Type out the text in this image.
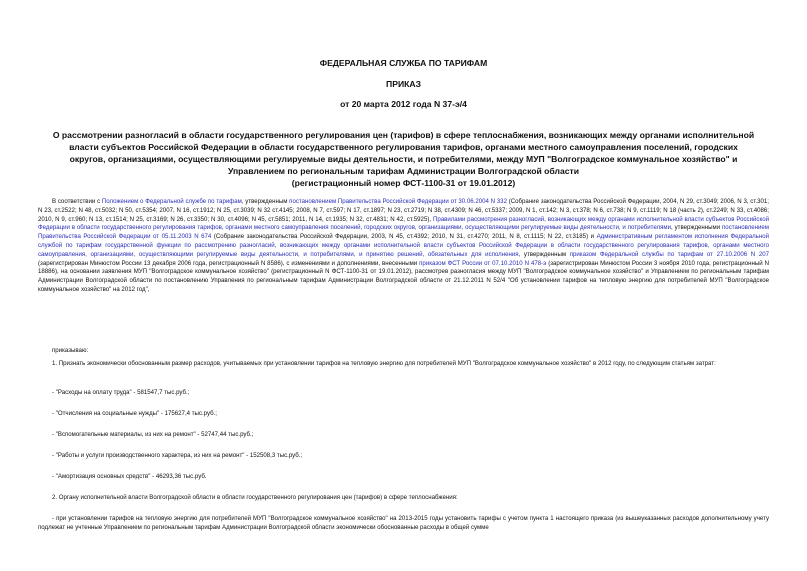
ФЕДЕРАЛЬНАЯ СЛУЖБА ПО ТАРИФАМ
ПРИКАЗ
от 20 марта 2012 года N 37-э/4
О рассмотрении разногласий в области государственного регулирования цен (тарифов) в сфере теплоснабжения, возникающих между органами исполнительной
власти субъектов Российской Федерации в области государственного регулирования тарифов, органами местного самоуправления поселений, городских
округов, организациями, осуществляющими регулируемые виды деятельности, и потребителями, между МУП "Волгоградское коммунальное хозяйство" и
Управлением по региональным тарифам Администрации Волгоградской области
(регистрационный номер ФСТ-1100-31 от 19.01.2012)
В соответствии с Положением о Федеральной службе по тарифам, утвержденным постановлением Правительства Российской Федерации от 30.06.2004 N 332 (Собрание законодательства Российской Федерации, 2004, N 29, ст.3049; 2006, N 3, ст.301; N 23, ст.2522; N 48, ст.5032; N 50, ст.5354; 2007, N 16, ст.1912; N 25, ст.3039; N 32 ст.4145; 2008, N 7, ст.597; N 17, ст.1897; N 23, ст.2719; N 38, ст.4309; N 46, ст.5337; 2009, N 1, ст.142; N 3, ст.378; N 6, ст.738; N 9, ст.1119; N 18 (часть 2), ст.2249; N 33, ст.4086; 2010, N 9, ст.960; N 13, ст.1514; N 25, ст.3169; N 26, ст.3350; N 30, ст.4096; N 45, ст.5851; 2011, N 14, ст.1935; N 32, ст.4831; N 42, ст.5925), Правилами рассмотрения разногласий, возникающих между органами исполнительной власти субъектов Российской Федерации в области государственного регулирования тарифов, органами местного самоуправления поселений, городских округов, организациями, осуществляющими регулируемые виды деятельности, и потребителями, утвержденными постановлением Правительства Российской Федерации от 05.11.2003 N 674 (Собрание законодательства Российской Федерации, 2003, N 45, ст.4392; 2010, N 31, ст.4270; 2011, N 8, ст.1115; N 22, ст.3185) и Административным регламентом исполнения Федеральной службой по тарифам государственной функции по рассмотрению разногласий, возникающих между органами исполнительной власти субъектов Российской Федерации в области государственного регулирования тарифов, органами местного самоуправления, организациями, осуществляющими регулируемые виды деятельности, и потребителями, и принятию решений, обязательных для исполнения, утвержденным приказом Федеральной службы по тарифам от 27.10.2006 N 207 (зарегистрирован Минюстом России 13 декабря 2006 года, регистрационный N 8586), с изменениями и дополнениями, внесенными приказом ФСТ России от 07.10.2010 N 478-э (зарегистрирован Минюстом России 3 ноября 2010 года, регистрационный N 18886), на основании заявления МУП "Волгоградское коммунальное хозяйство" (регистрационный N ФСТ-1100-31 от 19.01.2012), рассмотрев разногласия между МУП "Волгоградское коммунальное хозяйство" и Управлением по региональным тарифам Администрации Волгоградской области по постановлению Управления по региональным тарифам Администрации Волгоградской области от 21.12.2011 N 52/4 "Об установлении тарифов на тепловую энергию для потребителей МУП "Волгоградское коммунальное хозяйство" на 2012 год",
приказываю:
1. Признать экономически обоснованным размер расходов, учитываемых при установлении тарифов на тепловую энергию для потребителей МУП "Волгоградское коммунальное хозяйство" в 2012 году, по следующим статьям затрат:
- "Расходы на оплату труда" - 581547,7 тыс.руб.;
- "Отчисления на социальные нужды" - 175627,4 тыс.руб.;
- "Вспомогательные материалы, из них на ремонт" - 52747,44 тыс.руб.;
- "Работы и услуги производственного характера, из них на ремонт" - 152508,3 тыс.руб.;
- "Амортизация основных средств" - 46293,36 тыс.руб.
2. Органу исполнительной власти Волгоградской области в области государственного регулирования цен (тарифов) в сфере теплоснабжения:
- при установлении тарифов на тепловую энергию для потребителей МУП "Волгоградское коммунальное хозяйство" на 2013-2015 годы установить тарифы с учетом пункта 1 настоящего приказа (из вышеуказанных расходов дополнительному учету подлежат не учтенные Управлением по региональным тарифам Администрации Волгоградской области экономически обоснованные расходы в общей сумме
